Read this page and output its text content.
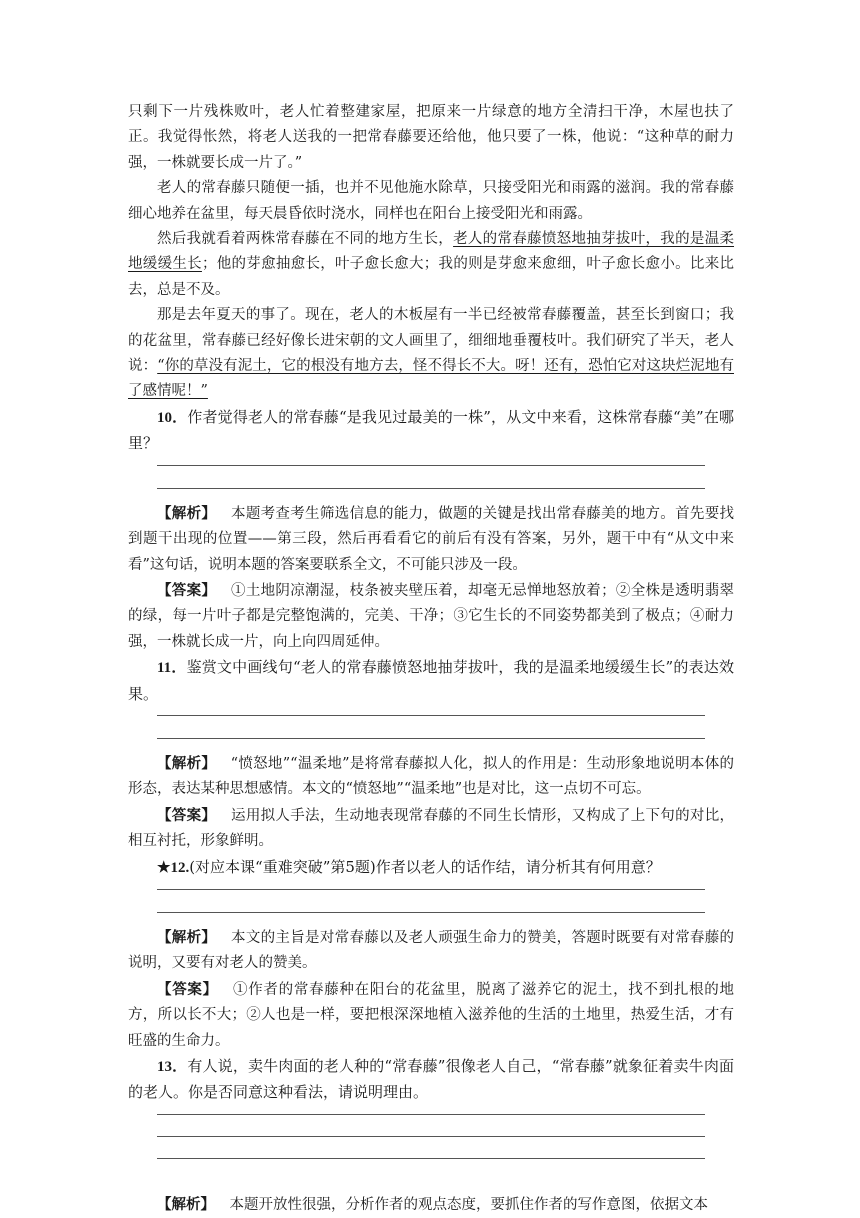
只剩下一片残株败叶，老人忙着整建家屋，把原来一片绿意的地方全清扫干净，木屋也扶了正。我觉得怅然，将老人送我的一把常春藤要还给他，他只要了一株，他说：“这种草的耐力强，一株就要长成一片了。”

老人的常春藤只随便一插，也并不见他施水除草，只接受阳光和雨露的滋润。我的常春藤细心地养在盆里，每天晨昏依时浇水，同样也在阳台上接受阳光和雨露。

然后我就看着两株常春藤在不同的地方生长，老人的常春藤愤怒地抽芽拔叶，我的是温柔地缓缓生长；他的芽愈抽愈长，叶子愈长愈大；我的则是芽愈来愈细，叶子愈长愈小。比来比去，总是不及。

那是去年夏天的事了。现在，老人的木板屋有一半已经被常春藤覆盖，甚至长到窗口；我的花盆里，常春藤已经好像长进宋朝的文人画里了，细细地垂覆枝叶。我们研究了半天，老人说：“你的草没有泥土，它的根没有地方去，怪不得长不大。呀！还有，恐怕它对这块烂泥地有了感情呢！”

10．作者觉得老人的常春藤“是我见过最美的一株”，从文中来看，这株常春藤“美”在哪里？

【解析】  本题考查考生筛选信息的能力，做题的关键是找出常春藤美的地方。首先要找到题干出现的位置——第三段，然后再看看它的前后有没有答案，另外，题干中有“从文中来看”这句话，说明本题的答案要联系全文，不可能只涉及一段。

【答案】  ①土地阴凉潮湿，枝条被夹壁压着，却毫无忌惮地怒放着；②全株是透明翡翠的绿，每一片叶子都是完整饱满的，完美、干净；③它生长的不同姿势都美到了极点；④耐力强，一株就长成一片，向上向四周延伸。

11．鉴赏文中画线句“老人的常春藤愤怒地抽芽拔叶，我的是温柔地缓缓生长”的表达效果。

【解析】  “愤怒地”“温柔地”是将常春藤拟人化，拟人的作用是：生动形象地说明本体的形态，表达某种思想感情。本文的“愤怒地”“温柔地”也是对比，这一点切不可忘。

【答案】  运用拟人手法，生动地表现常春藤的不同生长情形，又构成了上下句的对比，相互衬托，形象鲜明。

★12.(对应本课“重难突破”第5题)作者以老人的话作结，请分析其有何用意？

【解析】  本文的主旨是对常春藤以及老人顽强生命力的赞美，答题时既要有对常春藤的说明，又要有对老人的赞美。

【答案】  ①作者的常春藤种在阳台的花盆里，脱离了滋养它的泥土，找不到扎根的地方，所以长不大；②人也是一样，要把根深深地植入滋养他的生活的土地里，热爱生活，才有旺盛的生命力。

13．有人说，卖牛肉面的老人种的“常春藤”很像老人自己，“常春藤”就象征着卖牛肉面的老人。你是否同意这种看法，请说明理由。

【解析】  本题开放性很强，分析作者的观点态度，要抓住作者的写作意图，依据文本
